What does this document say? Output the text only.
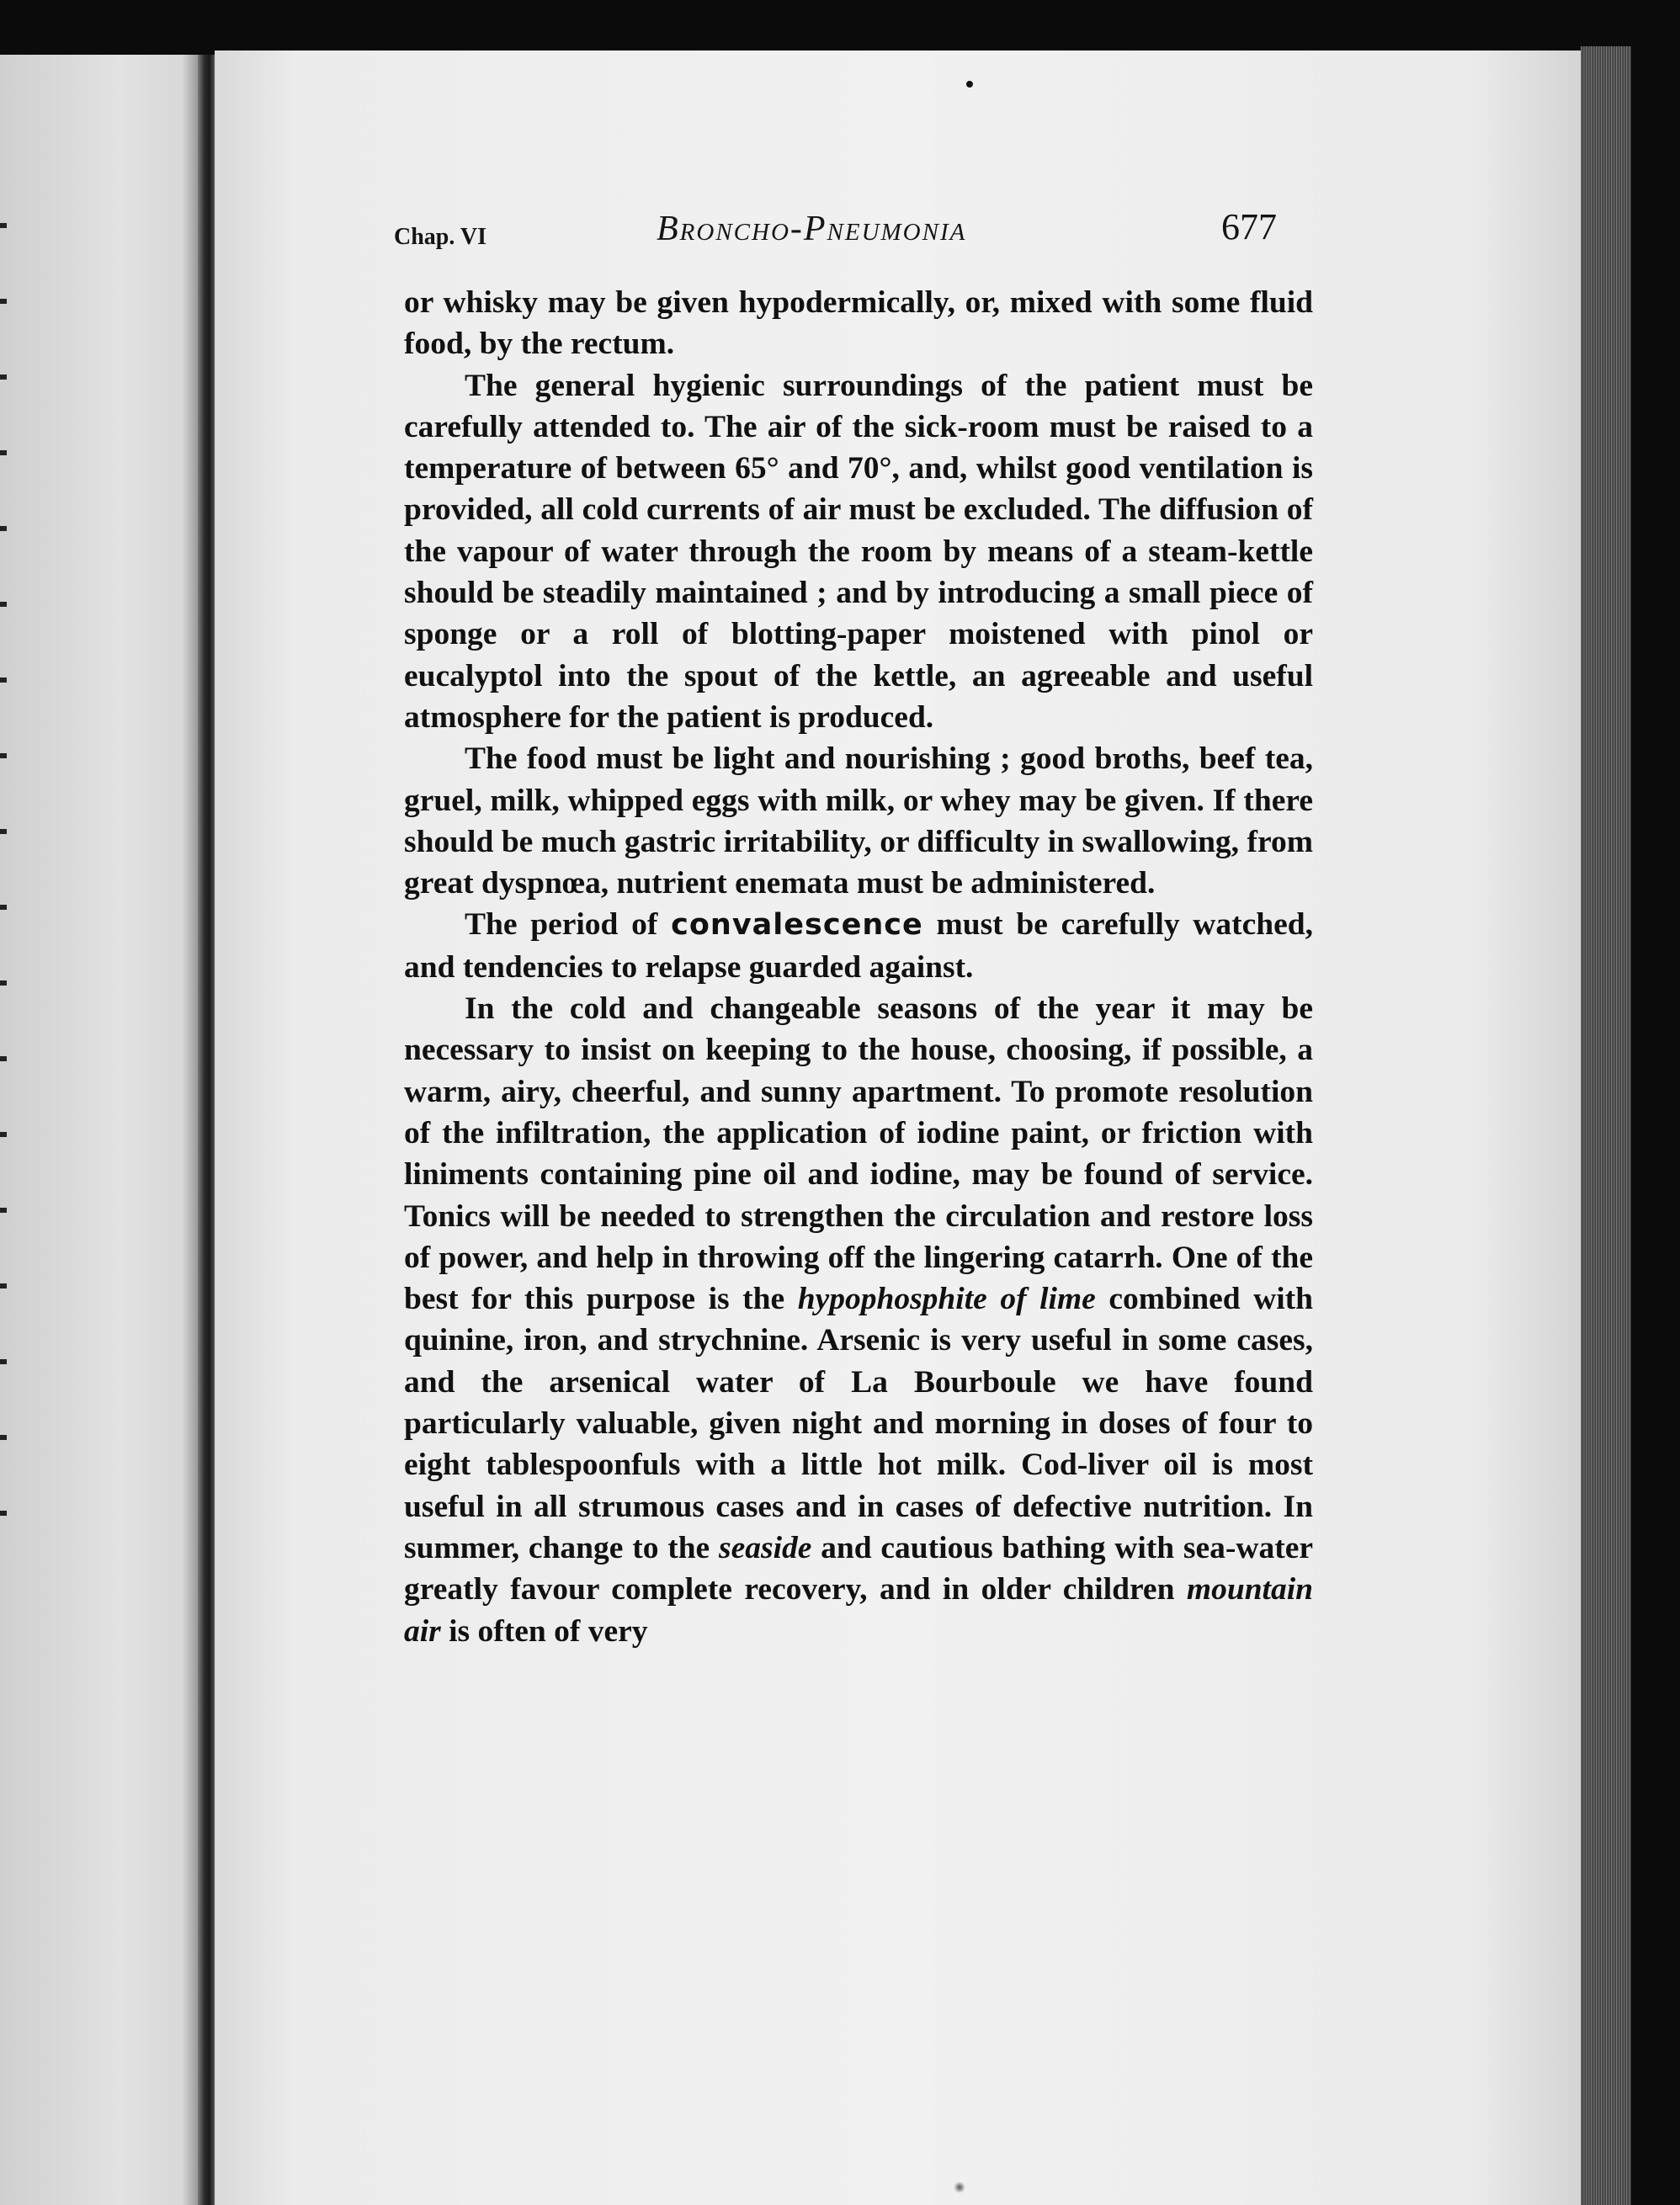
Chap. VI	Broncho-Pneumonia	677

or whisky may be given hypodermically, or, mixed with some fluid food, by the rectum.

The general hygienic surroundings of the patient must be carefully attended to. The air of the sick-room must be raised to a temperature of between 65° and 70°, and, whilst good ventilation is provided, all cold currents of air must be excluded. The diffusion of the vapour of water through the room by means of a steam-kettle should be steadily maintained ; and by introducing a small piece of sponge or a roll of blotting-paper moistened with pinol or eucalyptol into the spout of the kettle, an agreeable and useful atmosphere for the patient is produced.

The food must be light and nourishing ; good broths, beef tea, gruel, milk, whipped eggs with milk, or whey may be given. If there should be much gastric irritability, or difficulty in swallowing, from great dyspnœa, nutrient enemata must be administered.

The period of convalescence must be carefully watched, and tendencies to relapse guarded against.

In the cold and changeable seasons of the year it may be necessary to insist on keeping to the house, choosing, if possible, a warm, airy, cheerful, and sunny apartment. To promote resolution of the infiltration, the application of iodine paint, or friction with liniments containing pine oil and iodine, may be found of service. Tonics will be needed to strengthen the circulation and restore loss of power, and help in throwing off the lingering catarrh. One of the best for this purpose is the hypophosphite of lime combined with quinine, iron, and strychnine. Arsenic is very useful in some cases, and the arsenical water of La Bourboule we have found particularly valuable, given night and morning in doses of four to eight tablespoonfuls with a little hot milk. Cod-liver oil is most useful in all strumous cases and in cases of defective nutrition. In summer, change to the seaside and cautious bathing with sea-water greatly favour complete recovery, and in older children mountain air is often of very
